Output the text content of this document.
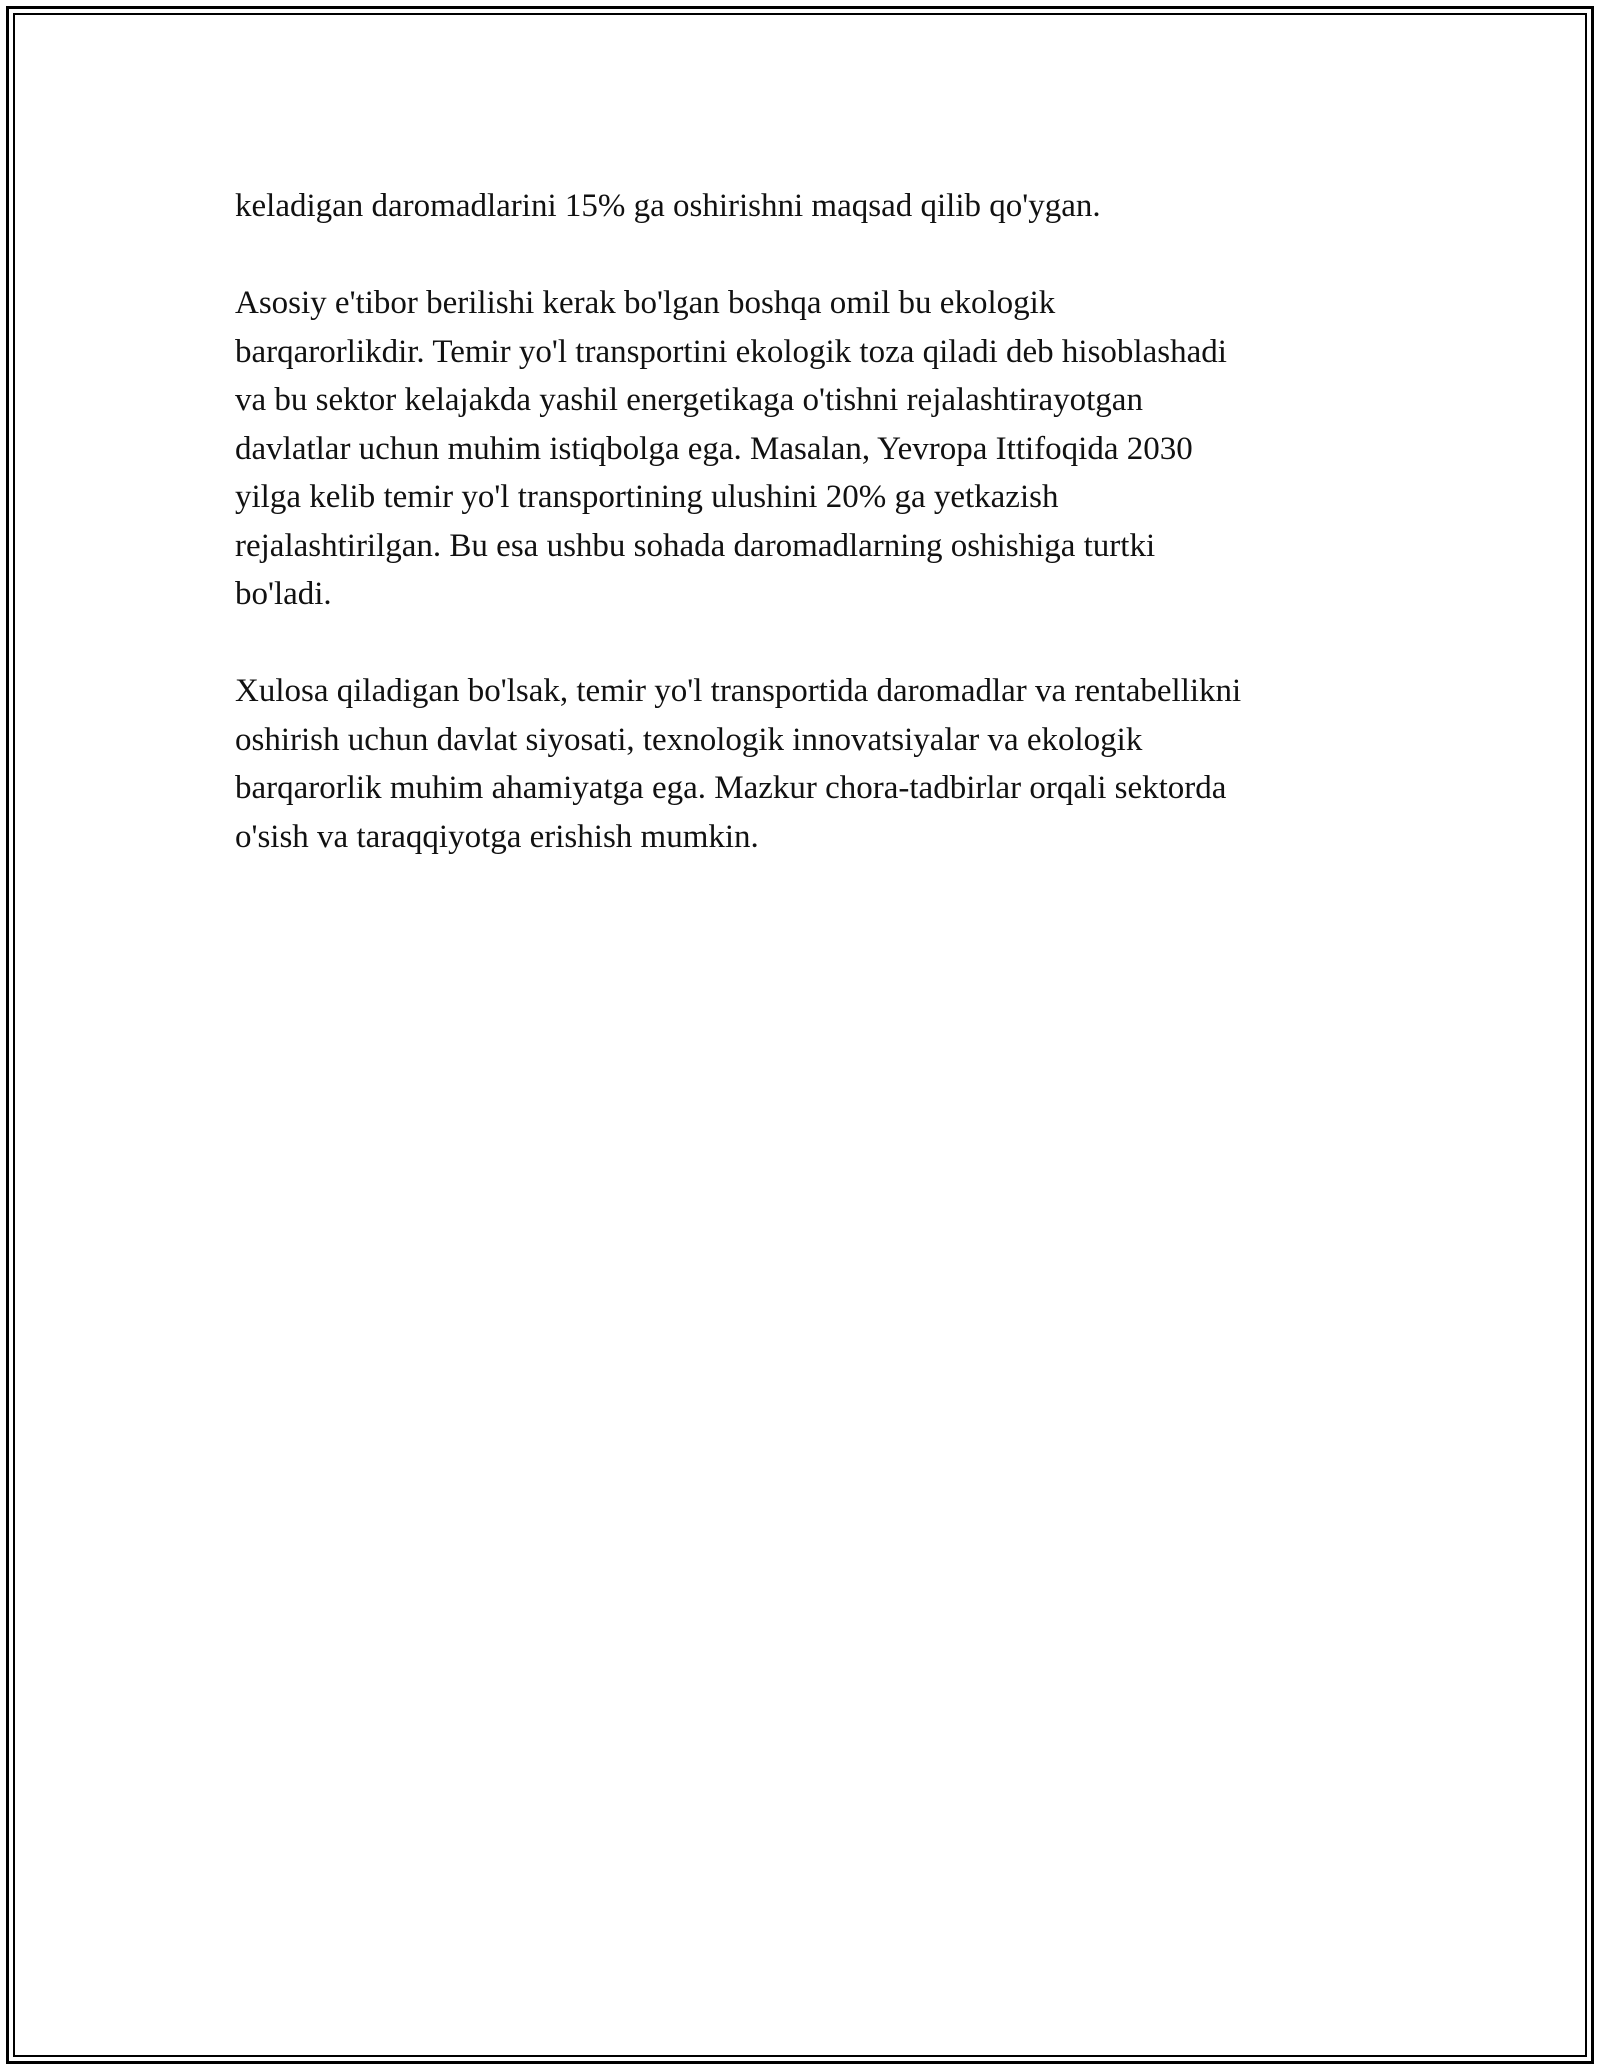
keladigan daromadlarini 15% ga oshirishni maqsad qilib qo'ygan.

Asosiy e'tibor berilishi kerak bo'lgan boshqa omil bu ekologik
barqarorlikdir. Temir yo'l transportini ekologik toza qiladi deb hisoblashadi
va bu sektor kelajakda yashil energetikaga o'tishni rejalashtirayotgan
davlatlar uchun muhim istiqbolga ega. Masalan, Yevropa Ittifoqida 2030
yilga kelib temir yo'l transportining ulushini 20% ga yetkazish
rejalashtirilgan. Bu esa ushbu sohada daromadlarning oshishiga turtki
bo'ladi.

Xulosa qiladigan bo'lsak, temir yo'l transportida daromadlar va rentabellikni
oshirish uchun davlat siyosati, texnologik innovatsiyalar va ekologik
barqarorlik muhim ahamiyatga ega. Mazkur chora-tadbirlar orqali sektorda
o'sish va taraqqiyotga erishish mumkin.
